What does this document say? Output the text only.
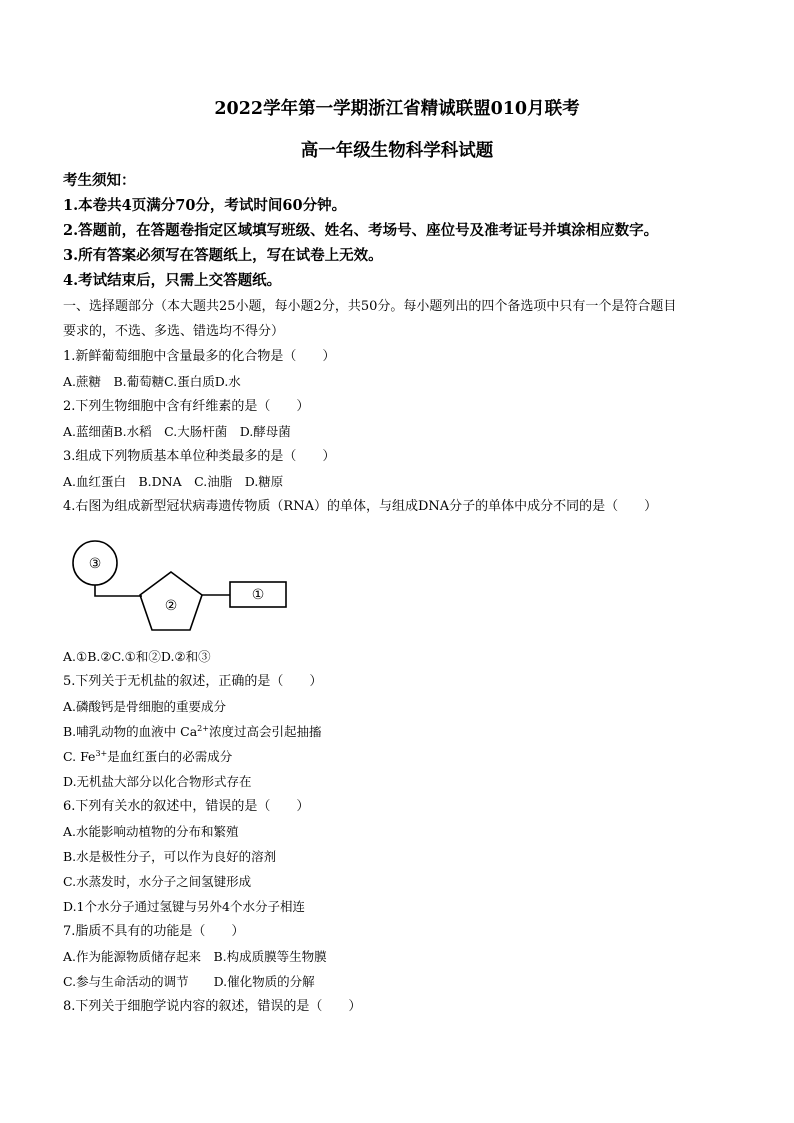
2022学年第一学期浙江省精诚联盟010月联考
高一年级生物科学科试题
考生须知：
1.本卷共4页满分70分，考试时间60分钟。
2.答题前，在答题卷指定区域填写班级、姓名、考场号、座位号及准考证号并填涂相应数字。
3.所有答案必须写在答题纸上，写在试卷上无效。
4.考试结束后，只需上交答题纸。
一、选择题部分（本大题共25小题，每小题2分，共50分。每小题列出的四个备选项中只有一个是符合题目
要求的，不选、多选、错选均不得分）
1.新鲜葡萄细胞中含量最多的化合物是（　　）
A.蔗糖　B.葡萄糖C.蛋白质D.水
2.下列生物细胞中含有纤维素的是（　　）
A.蓝细菌B.水稻　C.大肠杆菌　D.酵母菌
3.组成下列物质基本单位种类最多的是（　　）
A.血红蛋白　B.DNA　C.油脂　D.糖原
4.右图为组成新型冠状病毒遗传物质（RNA）的单体，与组成DNA分子的单体中成分不同的是（　　）
③
②
①
A.①B.②C.①和②D.②和③
5.下列关于无机盐的叙述，正确的是（　　）
A.磷酸钙是骨细胞的重要成分
B.哺乳动物的血液中 $Ca^{2+}$浓度过高会引起抽搐
C. $Fe^{3+}$是血红蛋白的必需成分
D.无机盐大部分以化合物形式存在
6.下列有关水的叙述中，错误的是（　　）
A.水能影响动植物的分布和繁殖
B.水是极性分子，可以作为良好的溶剂
C.水蒸发时，水分子之间氢键形成
D.1个水分子通过氢键与另外4个水分子相连
7.脂质不具有的功能是（　　）
A.作为能源物质储存起来　B.构成质膜等生物膜
C.参与生命活动的调节　　D.催化物质的分解
8.下列关于细胞学说内容的叙述，错误的是（　　）
